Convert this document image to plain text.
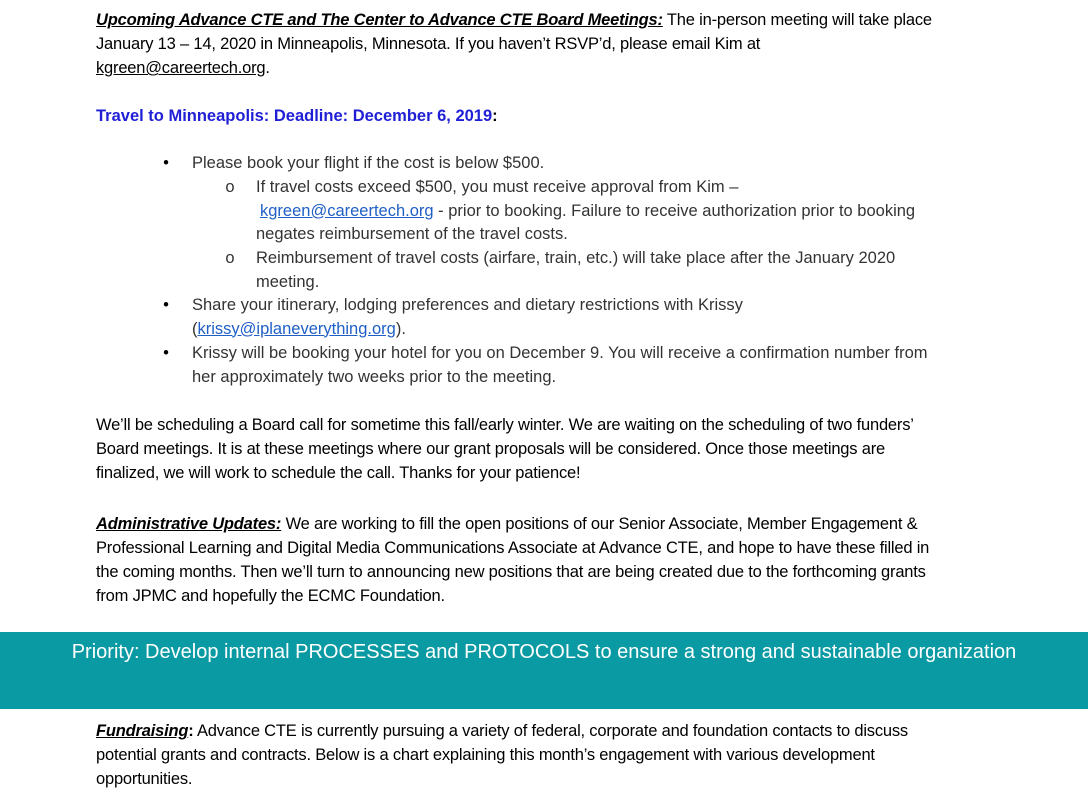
Upcoming Advance CTE and The Center to Advance CTE Board Meetings: The in-person meeting will take place January 13 – 14, 2020 in Minneapolis, Minnesota. If you haven’t RSVP’d, please email Kim at kgreen@careertech.org.

Travel to Minneapolis: Deadline: December 6, 2019:
• Please book your flight if the cost is below $500.
o If travel costs exceed $500, you must receive approval from Kim –
kgreen@careertech.org - prior to booking. Failure to receive authorization prior to booking negates reimbursement of the travel costs.
o Reimbursement of travel costs (airfare, train, etc.) will take place after the January 2020 meeting.
• Share your itinerary, lodging preferences and dietary restrictions with Krissy (krissy@iplaneverything.org).
• Krissy will be booking your hotel for you on December 9. You will receive a confirmation number from her approximately two weeks prior to the meeting.

We’ll be scheduling a Board call for sometime this fall/early winter. We are waiting on the scheduling of two funders’ Board meetings. It is at these meetings where our grant proposals will be considered. Once those meetings are finalized, we will work to schedule the call. Thanks for your patience!

Administrative Updates: We are working to fill the open positions of our Senior Associate, Member Engagement & Professional Learning and Digital Media Communications Associate at Advance CTE, and hope to have these filled in the coming months. Then we’ll turn to announcing new positions that are being created due to the forthcoming grants from JPMC and hopefully the ECMC Foundation.

Priority: Develop internal PROCESSES and PROTOCOLS to ensure a strong and sustainable organization

Fundraising: Advance CTE is currently pursuing a variety of federal, corporate and foundation contacts to discuss potential grants and contracts. Below is a chart explaining this month’s engagement with various development opportunities.
